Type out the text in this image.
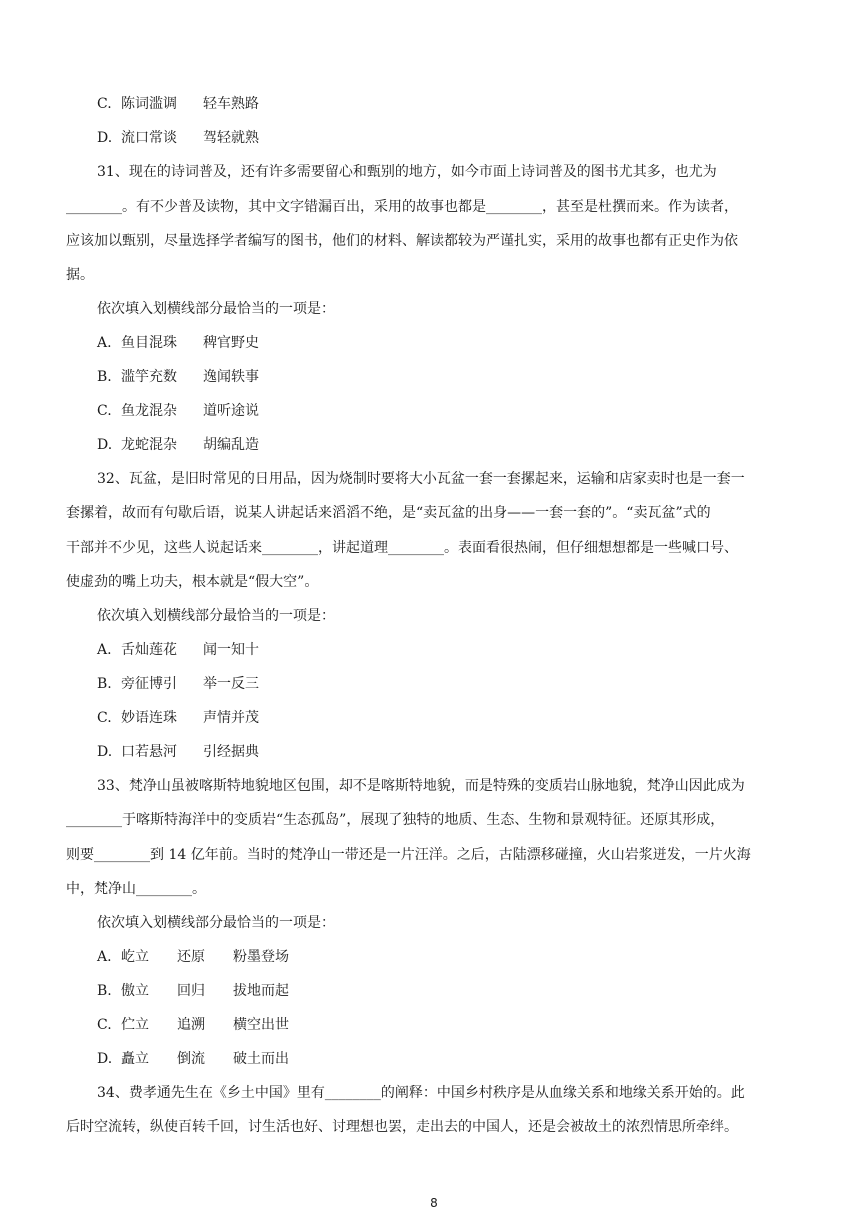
C. 陈词滥调 轻车熟路
D. 流口常谈 驾轻就熟
31、现在的诗词普及，还有许多需要留心和甄别的地方，如今市面上诗词普及的图书尤其多，也尤为
________。有不少普及读物，其中文字错漏百出，采用的故事也都是________，甚至是杜撰而来。作为读者，
应该加以甄别，尽量选择学者编写的图书，他们的材料、解读都较为严谨扎实，采用的故事也都有正史作为依
据。
依次填入划横线部分最恰当的一项是：
A. 鱼目混珠 稗官野史
B. 滥竽充数 逸闻轶事
C. 鱼龙混杂 道听途说
D. 龙蛇混杂 胡编乱造
32、瓦盆，是旧时常见的日用品，因为烧制时要将大小瓦盆一套一套摞起来，运输和店家卖时也是一套一
套摞着，故而有句歇后语，说某人讲起话来滔滔不绝，是“卖瓦盆的出身——一套一套的”。“卖瓦盆”式的
干部并不少见，这些人说起话来________，讲起道理________。表面看很热闹，但仔细想想都是一些喊口号、
使虚劲的嘴上功夫，根本就是“假大空”。
依次填入划横线部分最恰当的一项是：
A. 舌灿莲花 闻一知十
B. 旁征博引 举一反三
C. 妙语连珠 声情并茂
D. 口若悬河 引经据典
33、梵净山虽被喀斯特地貌地区包围，却不是喀斯特地貌，而是特殊的变质岩山脉地貌，梵净山因此成为
________于喀斯特海洋中的变质岩“生态孤岛”，展现了独特的地质、生态、生物和景观特征。还原其形成，
则要________到 14 亿年前。当时的梵净山一带还是一片汪洋。之后，古陆漂移碰撞，火山岩浆迸发，一片火海
中，梵净山________。
依次填入划横线部分最恰当的一项是：
A. 屹立 还原 粉墨登场
B. 傲立 回归 拔地而起
C. 伫立 追溯 横空出世
D. 矗立 倒流 破土而出
34、费孝通先生在《乡土中国》里有________的阐释：中国乡村秩序是从血缘关系和地缘关系开始的。此
后时空流转，纵使百转千回，讨生活也好、讨理想也罢，走出去的中国人，还是会被故土的浓烈情思所牵绊。
8
